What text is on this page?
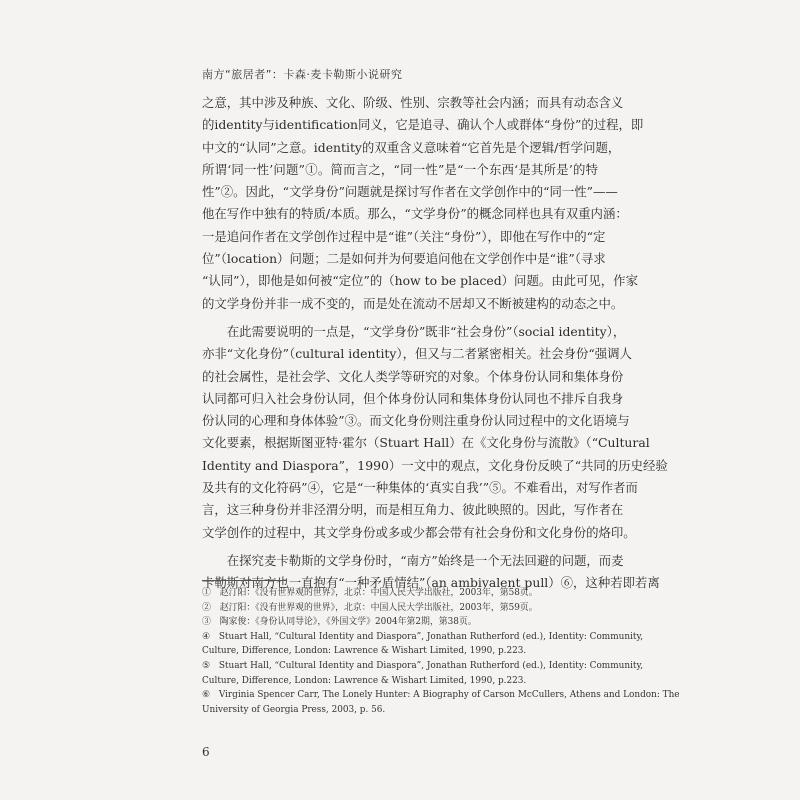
南方“旅居者”：卡森·麦卡勒斯小说研究

之意，其中涉及种族、文化、阶级、性别、宗教等社会内涵；而具有动态含义
的identity与identification同义，它是追寻、确认个人或群体“身份”的过程，即
中文的“认同”之意。identity的双重含义意味着“它首先是个逻辑/哲学问题，
所谓‘同一性’问题”①。简而言之，“同一性”是“一个东西‘是其所是’的特
性”②。因此，“文学身份”问题就是探讨写作者在文学创作中的“同一性”——
他在写作中独有的特质/本质。那么，“文学身份”的概念同样也具有双重内涵：
一是追问作者在文学创作过程中是“谁”（关注“身份”），即他在写作中的“定
位”（location）问题；二是如何并为何要追问他在文学创作中是“谁”（寻求
“认同”），即他是如何被“定位”的（how to be placed）问题。由此可见，作家
的文学身份并非一成不变的，而是处在流动不居却又不断被建构的动态之中。

　　在此需要说明的一点是，“文学身份”既非“社会身份”（social identity），
亦非“文化身份”（cultural identity），但又与二者紧密相关。社会身份“强调人
的社会属性，是社会学、文化人类学等研究的对象。个体身份认同和集体身份
认同都可归入社会身份认同，但个体身份认同和集体身份认同也不排斥自我身
份认同的心理和身体体验”③。而文化身份则注重身份认同过程中的文化语境与
文化要素，根据斯图亚特·霍尔（Stuart Hall）在《文化身份与流散》（“Cultural
Identity and Diaspora”，1990）一文中的观点，文化身份反映了“共同的历史经验
及共有的文化符码”④，它是“一种集体的‘真实自我’”⑤。不难看出，对写作者而
言，这三种身份并非泾渭分明，而是相互角力、彼此映照的。因此，写作者在
文学创作的过程中，其文学身份或多或少都会带有社会身份和文化身份的烙印。

　　在探究麦卡勒斯的文学身份时，“南方”始终是一个无法回避的问题，而麦
卡勒斯对南方也一直抱有“一种矛盾情结”（an ambivalent pull）⑥，这种若即若离

①　赵汀阳：《没有世界观的世界》，北京：中国人民大学出版社，2003年，第58页。
②　赵汀阳：《没有世界观的世界》，北京：中国人民大学出版社，2003年，第59页。
③　陶家俊：《身份认同导论》，《外国文学》2004年第2期，第38页。
④　Stuart Hall, “Cultural Identity and Diaspora”, Jonathan Rutherford (ed.), Identity: Community,
Culture, Difference, London: Lawrence & Wishart Limited, 1990, p.223.
⑤　Stuart Hall, “Cultural Identity and Diaspora”, Jonathan Rutherford (ed.), Identity: Community,
Culture, Difference, London: Lawrence & Wishart Limited, 1990, p.223.
⑥　Virginia Spencer Carr, The Lonely Hunter: A Biography of Carson McCullers, Athens and London: The
University of Georgia Press, 2003, p. 56.
6
